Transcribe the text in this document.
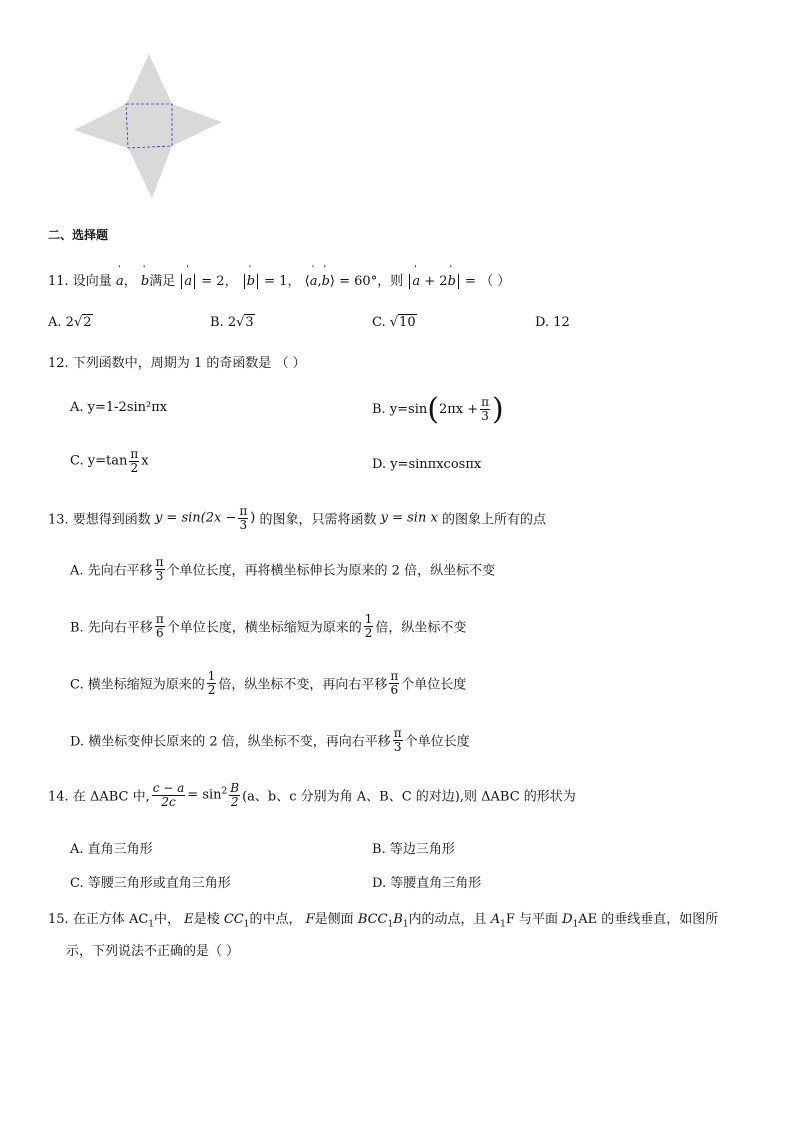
二、选择题
11. 设向量 ' a， ' b满足 ' a = 2， ' b = 1， ⟨' a,' b⟩ = 60°，则 ' a + 2' b = （ ）
A. 2√2	B. 2√3	C. √10	D. 12
12. 下列函数中，周期为 1 的奇函数是 （ ）
A. y=1-2sin²πx	B. $y=\sin(2\pi x + \frac{\pi}{3}$ )
C. $y=\tan \frac{\pi}{2}$ x	D. y=sinπxcosπx
13. 要想得到函数 $y = \sin(2x - \frac{\pi}{3}$ ) 的图象，只需将函数 y = sin x 的图象上所有的点
A. 先向右平移 $\frac{\pi}{3}$ 个单位长度，再将横坐标伸长为原来的 2 倍，纵坐标不变
B. 先向右平移 $\frac{\pi}{6}$ 个单位长度，横坐标缩短为原来的 $\frac{1}{2}$ 倍，纵坐标不变
C. 横坐标缩短为原来的 $\frac{1}{2}$ 倍，纵坐标不变，再向右平移 $\frac{\pi}{6}$ 个单位长度
D. 横坐标变伸长原来的 2 倍，纵坐标不变，再向右平移 $\frac{\pi}{3}$ 个单位长度
14. 在 ΔABC 中, $\frac{c - a}{2c} = \sin^2 \frac{B}{2} (a$、b、c 分别为角 A、B、C 的对边),则 ΔABC 的形状为
A. 直角三角形	B. 等边三角形
C. 等腰三角形或直角三角形	D. 等腰直角三角形
15. 在正方体 $AC_1$中， E是棱 $CC_1$的中点， F是侧面 $BCC_1B_1$内的动点，且 $A_1F$ 与平面 $D_1AE$ 的垂线垂直，如图所
示，下列说法不正确的是（ ）
